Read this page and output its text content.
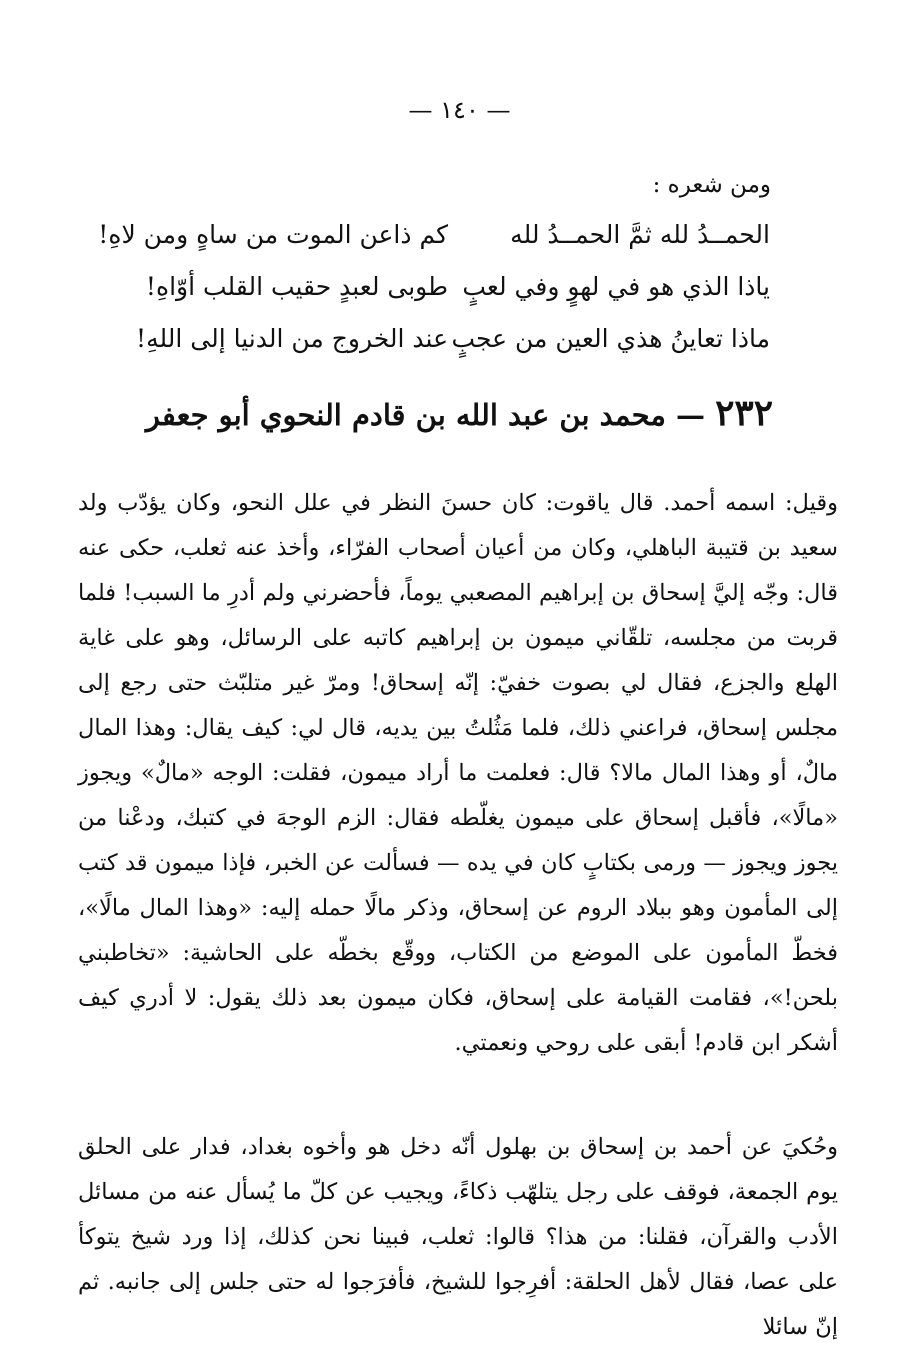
— ١٤٠ —
ومن شعره :
الحمــدُ لله ثمَّ الحمــدُ لله
كم ذاعن الموت من ساهٍ ومن لاهِ!
ياذا الذي هو في لهوٍ وفي لعبٍ
طوبى لعبدٍ حقيب القلب أوّاهِ!
ماذا تعاينُ هذي العين من عجبٍ
عند الخروج من الدنيا إلى اللهِ!
٢٣٢ — محمد بن عبد الله بن قادم النحوي أبو جعفر

وقيل: اسمه أحمد. قال ياقوت: كان حسنَ النظر في علل النحو، وكان يؤدّب ولد سعيد بن قتيبة الباهلي، وكان من أعيان أصحاب الفرّاء، وأخذ عنه ثعلب، حكى عنه قال: وجّه إليَّ إسحاق بن إبراهيم المصعبي يوماً، فأحضرني ولم أدرِ ما السبب! فلما قربت من مجلسه، تلقّاني ميمون بن إبراهيم كاتبه على الرسائل، وهو على غاية الهلع والجزع، فقال لي بصوت خفيّ: إنّه إسحاق! ومرّ غير متلبّث حتى رجع إلى مجلس إسحاق، فراعني ذلك، فلما مَثُلتُ بين يديه، قال لي: كيف يقال: وهذا المال مالٌ، أو وهذا المال مالا؟ قال: فعلمت ما أراد ميمون، فقلت: الوجه «مالٌ» ويجوز «مالًا»، فأقبل إسحاق على ميمون يغلّطه فقال: الزم الوجهَ في كتبك، ودعْنا من يجوز ويجوز — ورمى بكتابٍ كان في يده — فسألت عن الخبر، فإذا ميمون قد كتب إلى المأمون وهو ببلاد الروم عن إسحاق، وذكر مالًا حمله إليه: «وهذا المال مالًا»، فخطّ المأمون على الموضع من الكتاب، ووقّع بخطّه على الحاشية: «تخاطبني بلحن!»، فقامت القيامة على إسحاق، فكان ميمون بعد ذلك يقول: لا أدري كيف أشكر ابن قادم! أبقى على روحي ونعمتي.

وحُكيَ عن أحمد بن إسحاق بن بهلول أنّه دخل هو وأخوه بغداد، فدار على الحلق يوم الجمعة، فوقف على رجل يتلهّب ذكاءً، ويجيب عن كلّ ما يُسأل عنه من مسائل الأدب والقرآن، فقلنا: من هذا؟ قالوا: ثعلب، فبينا نحن كذلك، إذا ورد شيخ يتوكأ على عصا، فقال لأهل الحلقة: أفرِجوا للشيخ، فأفرَجوا له حتى جلس إلى جانبه. ثم إنّ سائلا
